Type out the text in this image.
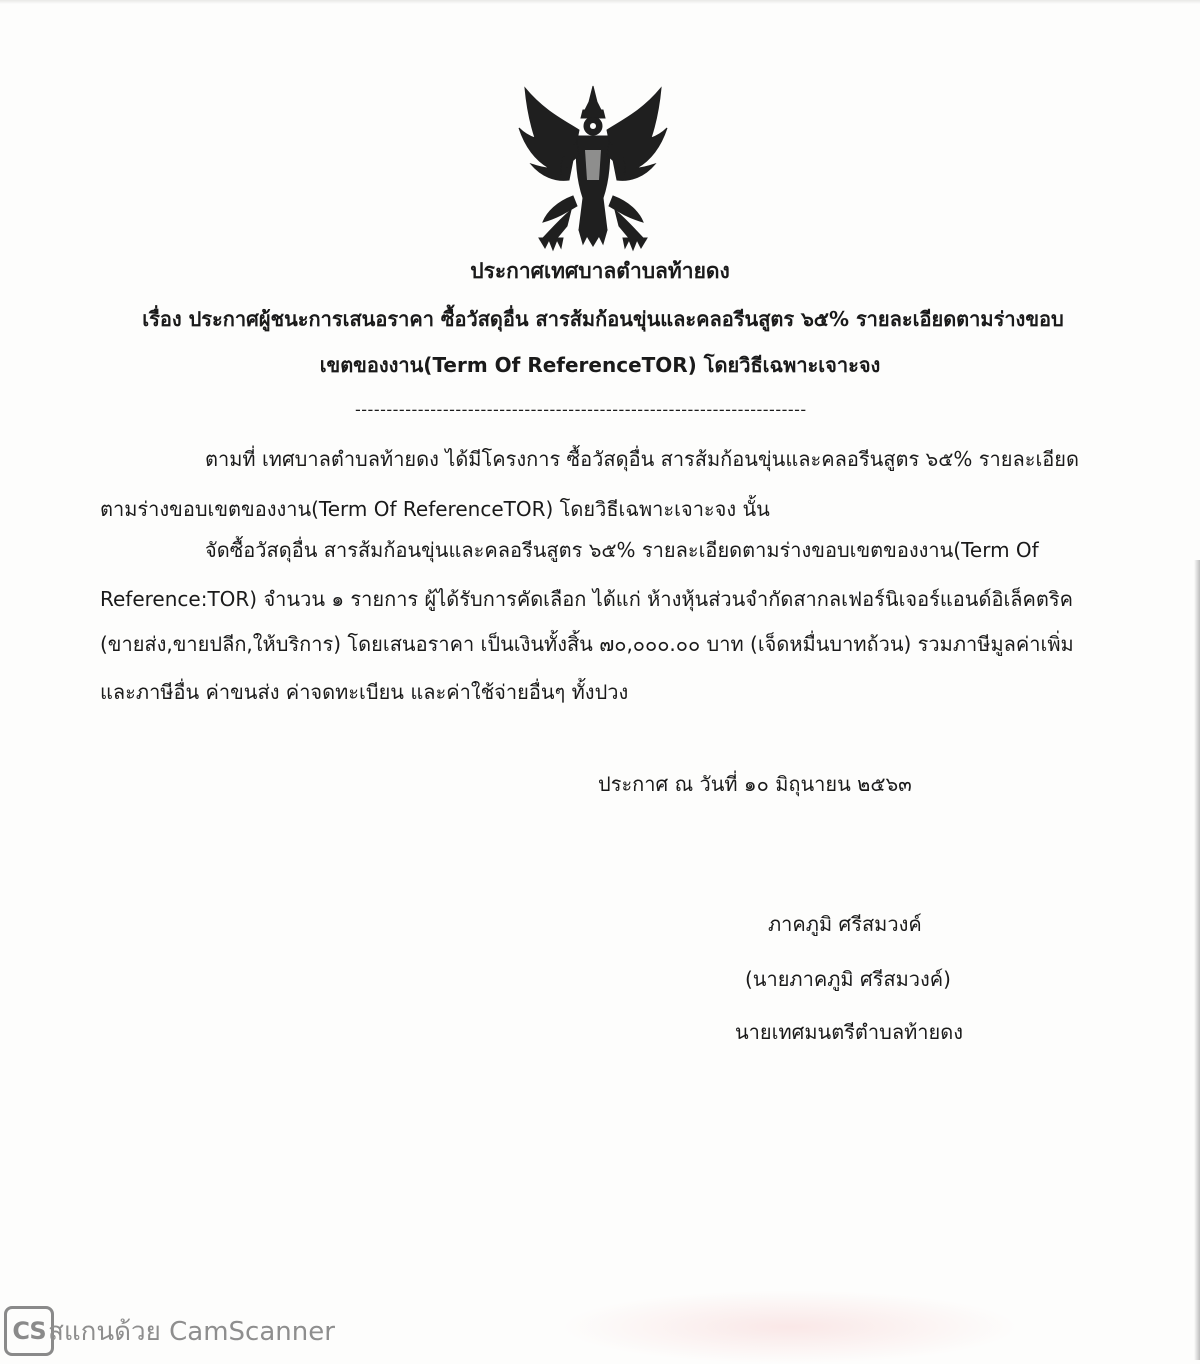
ประกาศเทศบาลตำบลท้ายดง
เรื่อง ประกาศผู้ชนะการเสนอราคา ซื้อวัสดุอื่น สารส้มก้อนขุ่นและคลอรีนสูตร ๖๕% รายละเอียดตามร่างขอบ
เขตของงาน(Term Of ReferenceTOR) โดยวิธีเฉพาะเจาะจง
------------------------------------------------------------------------
ตามที่ เทศบาลตำบลท้ายดง ได้มีโครงการ ซื้อวัสดุอื่น สารส้มก้อนขุ่นและคลอรีนสูตร ๖๕% รายละเอียด
ตามร่างขอบเขตของงาน(Term Of ReferenceTOR) โดยวิธีเฉพาะเจาะจง นั้น
จัดซื้อวัสดุอื่น สารส้มก้อนขุ่นและคลอรีนสูตร ๖๕% รายละเอียดตามร่างขอบเขตของงาน(Term Of
Reference:TOR) จำนวน ๑ รายการ ผู้ได้รับการคัดเลือก ได้แก่ ห้างหุ้นส่วนจำกัดสากลเฟอร์นิเจอร์แอนด์อิเล็คตริค
(ขายส่ง,ขายปลีก,ให้บริการ) โดยเสนอราคา เป็นเงินทั้งสิ้น ๗๐,๐๐๐.๐๐ บาท (เจ็ดหมื่นบาทถ้วน) รวมภาษีมูลค่าเพิ่ม
และภาษีอื่น ค่าขนส่ง ค่าจดทะเบียน และค่าใช้จ่ายอื่นๆ ทั้งปวง
ประกาศ ณ วันที่ ๑๐ มิถุนายน ๒๕๖๓
ภาคภูมิ ศรีสมวงค์
(นายภาคภูมิ ศรีสมวงค์)
นายเทศมนตรีตำบลท้ายดง
CS สแกนด้วย CamScanner
